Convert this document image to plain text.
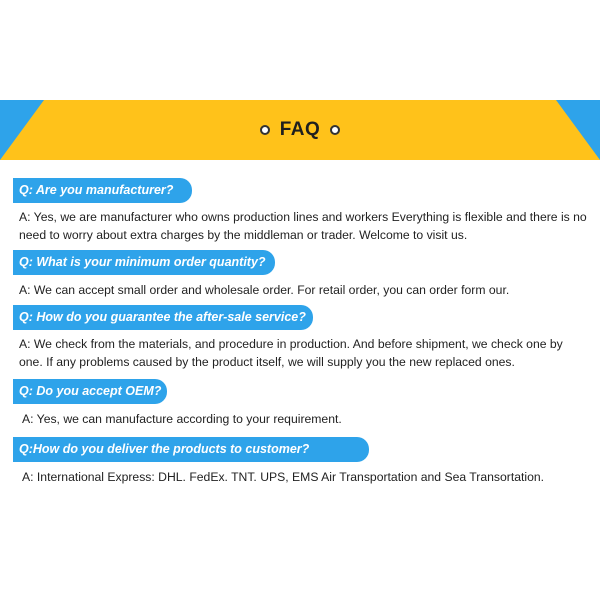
FAQ
Q: Are you manufacturer?
A: Yes, we are manufacturer who owns production lines and workers Everything is flexible and there is no need to worry about extra charges by the middleman or trader. Welcome to visit us.
Q: What is your minimum order quantity?
A: We can accept small order and wholesale order. For retail order, you can order form our.
Q: How do you guarantee the after-sale service?
A: We check from the materials, and procedure in production. And before shipment, we check one by one. If any problems caused by the product itself, we will supply you the new replaced ones.
Q: Do you accept OEM?
A: Yes, we can manufacture according to your requirement.
Q:How do you deliver the products to customer?
A: International Express: DHL. FedEx. TNT. UPS, EMS Air Transportation and Sea Transortation.
